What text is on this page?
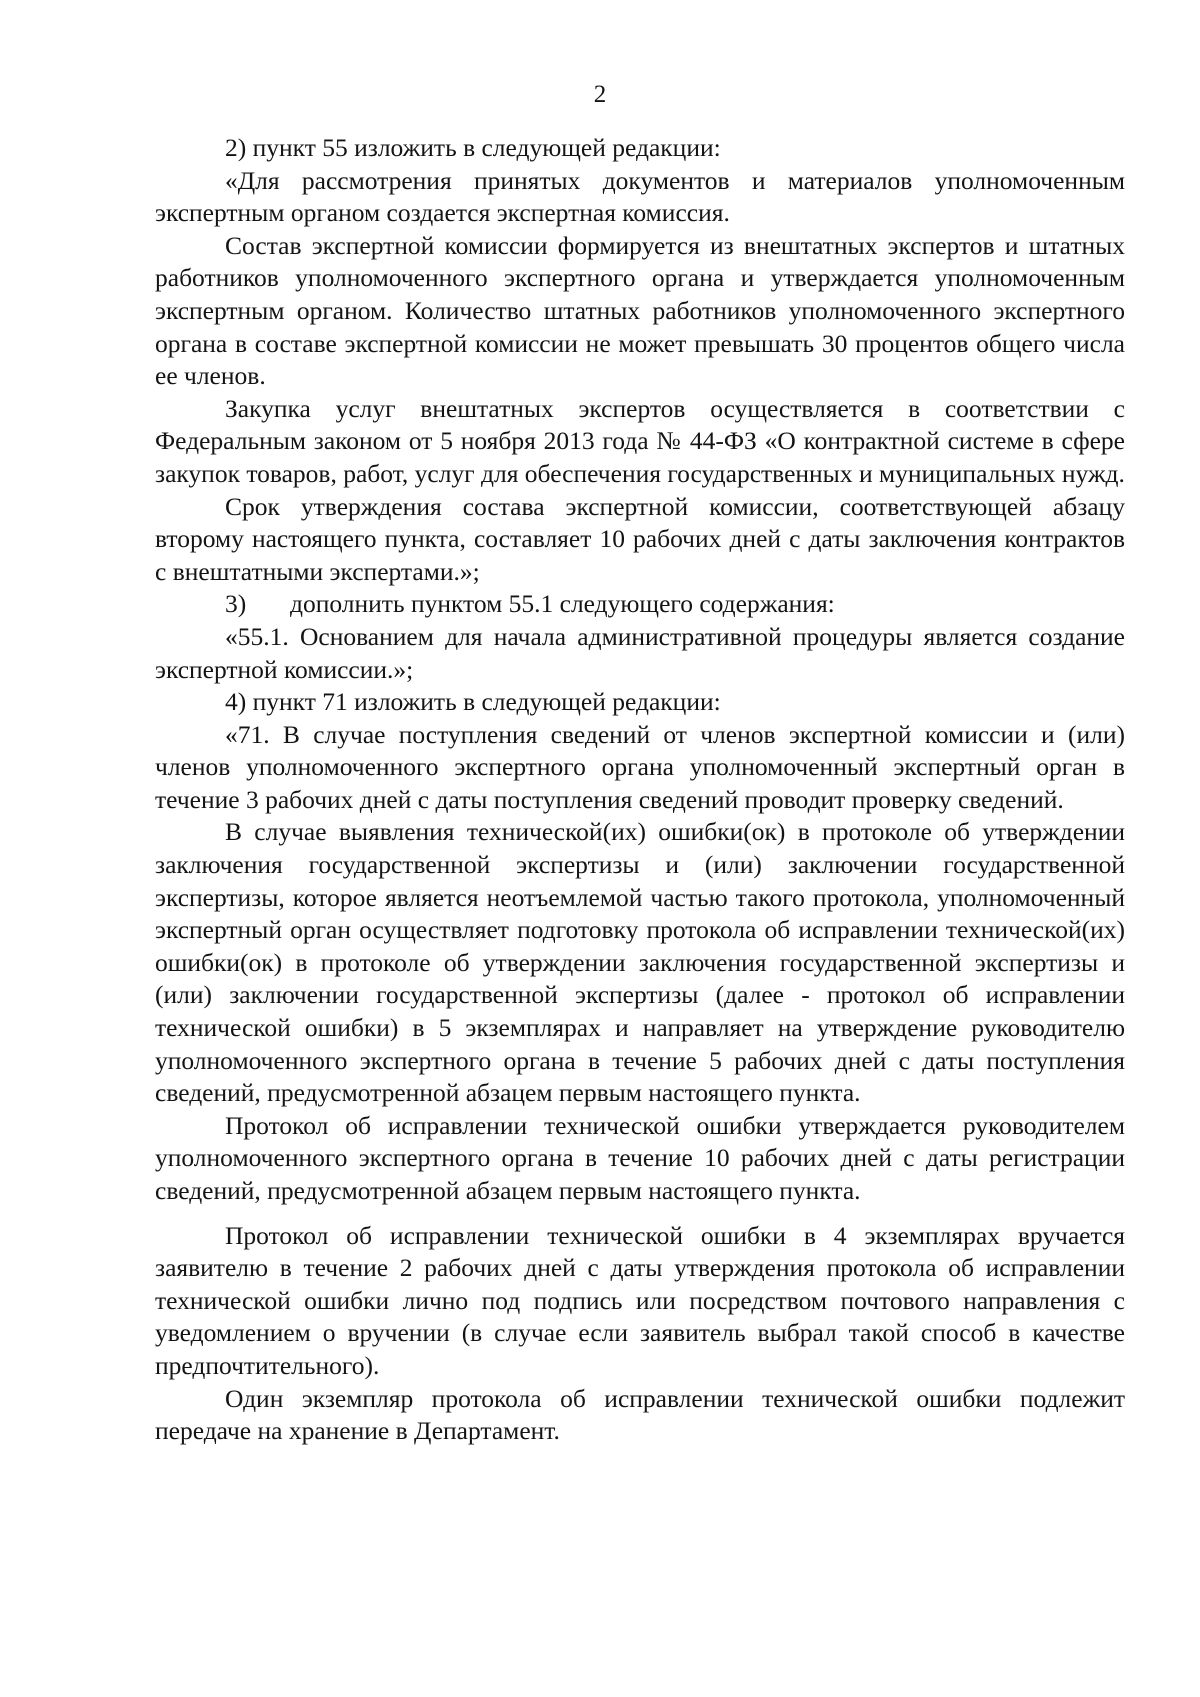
2

2) пункт 55 изложить в следующей редакции:

«Для рассмотрения принятых документов и материалов уполномоченным экспертным органом создается экспертная комиссия.

Состав экспертной комиссии формируется из внештатных экспертов и штатных работников уполномоченного экспертного органа и утверждается уполномоченным экспертным органом. Количество штатных работников уполномоченного экспертного органа в составе экспертной комиссии не может превышать 30 процентов общего числа ее членов.

Закупка услуг внештатных экспертов осуществляется в соответствии с Федеральным законом от 5 ноября 2013 года № 44-ФЗ «О контрактной системе в сфере закупок товаров, работ, услуг для обеспечения государственных и муниципальных нужд.

Срок утверждения состава экспертной комиссии, соответствующей абзацу второму настоящего пункта, составляет 10 рабочих дней с даты заключения контрактов с внештатными экспертами.»;

3) дополнить пунктом 55.1 следующего содержания:

«55.1. Основанием для начала административной процедуры является создание экспертной комиссии.»;

4) пункт 71 изложить в следующей редакции:

«71. В случае поступления сведений от членов экспертной комиссии и (или) членов уполномоченного экспертного органа уполномоченный экспертный орган в течение 3 рабочих дней с даты поступления сведений проводит проверку сведений.

В случае выявления технической(их) ошибки(ок) в протоколе об утверждении заключения государственной экспертизы и (или) заключении государственной экспертизы, которое является неотъемлемой частью такого протокола, уполномоченный экспертный орган осуществляет подготовку протокола об исправлении технической(их) ошибки(ок) в протоколе об утверждении заключения государственной экспертизы и (или) заключении государственной экспертизы (далее - протокол об исправлении технической ошибки) в 5 экземплярах и направляет на утверждение руководителю уполномоченного экспертного органа в течение 5 рабочих дней с даты поступления сведений, предусмотренной абзацем первым настоящего пункта.

Протокол об исправлении технической ошибки утверждается руководителем уполномоченного экспертного органа в течение 10 рабочих дней с даты регистрации сведений, предусмотренной абзацем первым настоящего пункта.

Протокол об исправлении технической ошибки в 4 экземплярах вручается заявителю в течение 2 рабочих дней с даты утверждения протокола об исправлении технической ошибки лично под подпись или посредством почтового направления с уведомлением о вручении (в случае если заявитель выбрал такой способ в качестве предпочтительного).

Один экземпляр протокола об исправлении технической ошибки подлежит передаче на хранение в Департамент.
